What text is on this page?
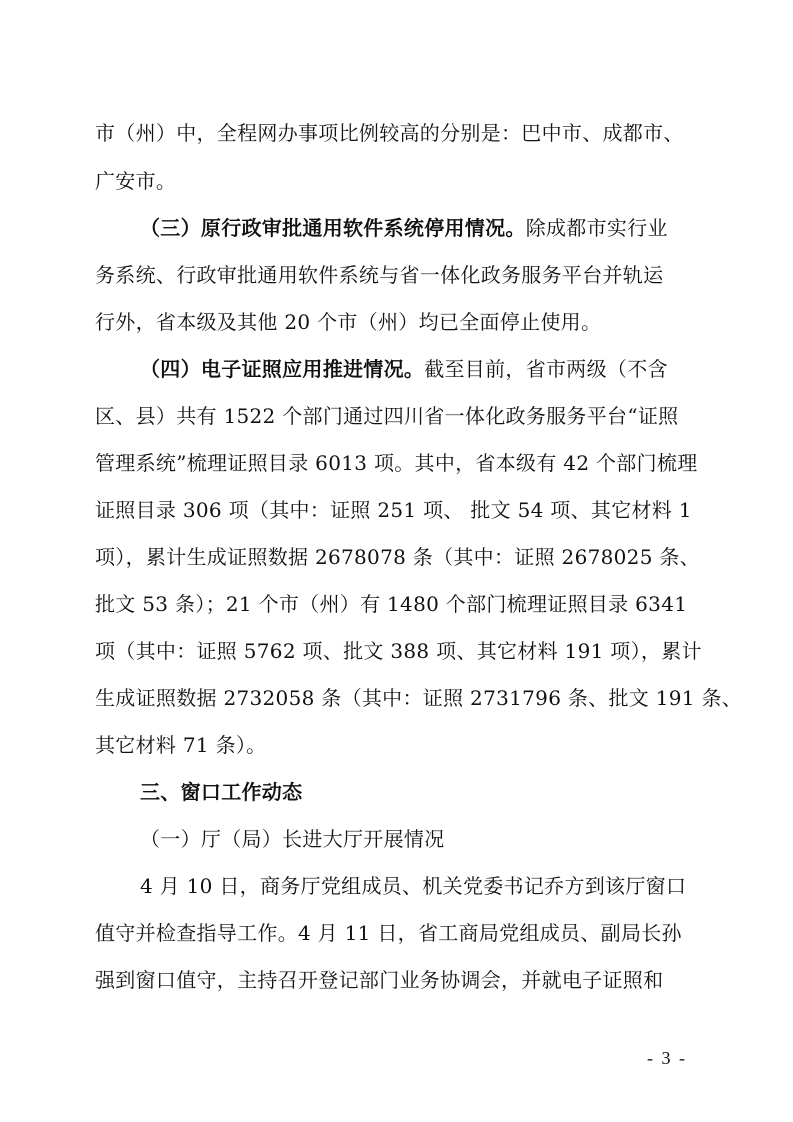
市（州）中，全程网办事项比例较高的分别是：巴中市、成都市、
广安市。
（三）原行政审批通用软件系统停用情况。除成都市实行业
务系统、行政审批通用软件系统与省一体化政务服务平台并轨运
行外，省本级及其他 20 个市（州）均已全面停止使用。
（四）电子证照应用推进情况。截至目前，省市两级（不含
区、县）共有 1522 个部门通过四川省一体化政务服务平台“证照
管理系统”梳理证照目录 6013 项。其中，省本级有 42 个部门梳理
证照目录 306 项（其中：证照 251 项、 批文 54 项、其它材料 1
项），累计生成证照数据 2678078 条（其中：证照 2678025 条、
批文 53 条）；21 个市（州）有 1480 个部门梳理证照目录 6341
项（其中：证照 5762 项、批文 388 项、其它材料 191 项），累计
生成证照数据 2732058 条（其中：证照 2731796 条、批文 191 条、
其它材料 71 条）。
三、窗口工作动态
（一）厅（局）长进大厅开展情况
4 月 10 日，商务厅党组成员、机关党委书记乔方到该厅窗口
值守并检查指导工作。4 月 11 日，省工商局党组成员、副局长孙
强到窗口值守，主持召开登记部门业务协调会，并就电子证照和
- 3 -
